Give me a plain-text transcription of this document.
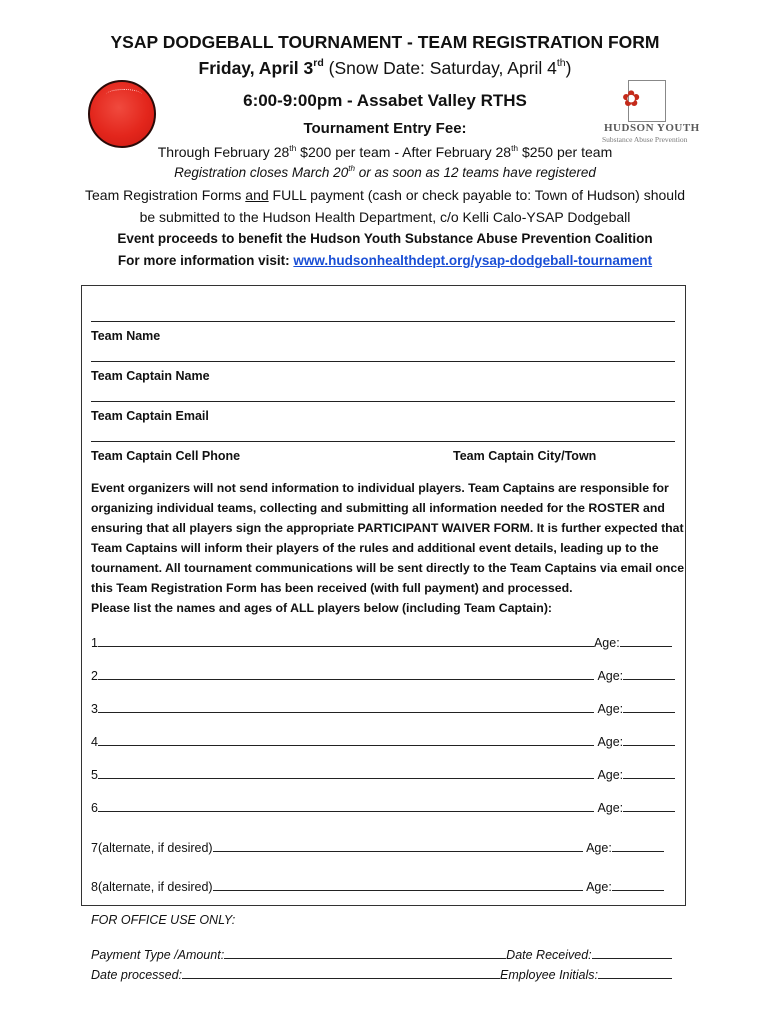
YSAP DODGEBALL TOURNAMENT - TEAM REGISTRATION FORM
Friday, April 3rd (Snow Date: Saturday, April 4th)
6:00-9:00pm - Assabet Valley RTHS
Tournament Entry Fee:
Through February 28th $200 per team - After February 28th $250 per team
Registration closes March 20th or as soon as 12 teams have registered
Team Registration Forms and FULL payment (cash or check payable to: Town of Hudson) should
be submitted to the Hudson Health Department, c/o Kelli Calo-YSAP Dodgeball
Event proceeds to benefit the Hudson Youth Substance Abuse Prevention Coalition
For more information visit: www.hudsonhealthdept.org/ysap-dodgeball-tournament
✿
HUDSON YOUTH
Substance Abuse Prevention
Team Name
Team Captain Name
Team Captain Email
Team Captain Cell Phone	Team Captain City/Town
Event organizers will not send information to individual players. Team Captains are responsible for
organizing individual teams, collecting and submitting all information needed for the ROSTER and
ensuring that all players sign the appropriate PARTICIPANT WAIVER FORM. It is further expected that
Team Captains will inform their players of the rules and additional event details, leading up to the
tournament. All tournament communications will be sent directly to the Team Captains via email once
this Team Registration Form has been received (with full payment) and processed.
Please list the names and ages of ALL players below (including Team Captain):
1	Age:
2	Age:
3	Age:
4	Age:
5	Age:
6	Age:
7(alternate, if desired)	Age:
8(alternate, if desired)	Age:
FOR OFFICE USE ONLY:
Payment Type /Amount:	Date Received:
Date processed:	Employee Initials:
